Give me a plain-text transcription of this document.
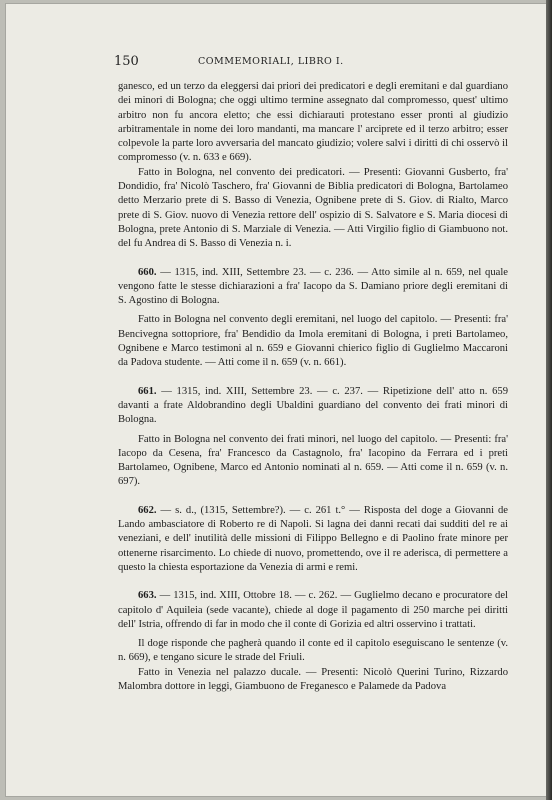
150	COMMEMORIALI, LIBRO I.

ganesco, ed un terzo da eleggersi dai priori dei predicatori e degli eremitani e dal guardiano dei minori di Bologna; che oggi ultimo termine assegnato dal compromesso, quest' ultimo arbitro non fu ancora eletto; che essi dichiarauti protestano esser pronti al giudizio arbitramentale in nome dei loro mandanti, ma mancare l' arciprete ed il terzo arbitro; esser colpevole la parte loro avversaria del mancato giudizio; volere salvi i diritti di chi osservò il compromesso (v. n. 633 e 669).

Fatto in Bologna, nel convento dei predicatori. — Presenti: Giovanni Gusberto, fra' Dondidio, fra' Nicolò Taschero, fra' Giovanni de Biblia predicatori di Bologna, Bartolameo detto Merzario prete di S. Basso di Venezia, Ognibene prete di S. Giov. di Rialto, Marco prete di S. Giov. nuovo di Venezia rettore dell' ospizio di S. Salvatore e S. Maria diocesi di Bologna, prete Antonio di S. Marziale di Venezia. — Atti Virgilio figlio di Giambuono not. del fu Andrea di S. Basso di Venezia n. i.

660. — 1315, ind. XIII, Settembre 23. — c. 236. — Atto simile al n. 659, nel quale vengono fatte le stesse dichiarazioni a fra' Iacopo da S. Damiano priore degli eremitani di S. Agostino di Bologna.

Fatto in Bologna nel convento degli eremitani, nel luogo del capitolo. — Presenti: fra' Bencivegna sottopriore, fra' Bendidio da Imola eremitani di Bologna, i preti Bartolameo, Ognibene e Marco testimoni al n. 659 e Giovanni chierico figlio di Guglielmo Maccaroni da Padova studente. — Atti come il n. 659 (v. n. 661).

661. — 1315, ind. XIII, Settembre 23. — c. 237. — Ripetizione dell' atto n. 659 davanti a frate Aldobrandino degli Ubaldini guardiano del convento dei frati minori di Bologna.

Fatto in Bologna nel convento dei frati minori, nel luogo del capitolo. — Presenti: fra' Iacopo da Cesena, fra' Francesco da Castagnolo, fra' Iacopino da Ferrara ed i preti Bartolameo, Ognibene, Marco ed Antonio nominati al n. 659. — Atti come il n. 659 (v. n. 697).

662. — s. d., (1315, Settembre?). — c. 261 t.° — Risposta del doge a Giovanni de Lando ambasciatore di Roberto re di Napoli. Si lagna dei danni recati dai sudditi del re ai veneziani, e dell' inutilità delle missioni di Filippo Bellegno e di Paolino frate minore per ottenerne risarcimento. Lo chiede di nuovo, promettendo, ove il re aderisca, di permettere a questo la chiesta esportazione da Venezia di armi e remi.

663. — 1315, ind. XIII, Ottobre 18. — c. 262. — Guglielmo decano e procuratore del capitolo d' Aquileia (sede vacante), chiede al doge il pagamento di 250 marche pei diritti dell' Istria, offrendo di far in modo che il conte di Gorizia ed altri osservino i trattati.

Il doge risponde che pagherà quando il conte ed il capitolo eseguiscano le sentenze (v. n. 669), e tengano sicure le strade del Friuli.

Fatto in Venezia nel palazzo ducale. — Presenti: Nicolò Querini Turino, Rizzardo Malombra dottore in leggi, Giambuono de Freganesco e Palamede da Padova
